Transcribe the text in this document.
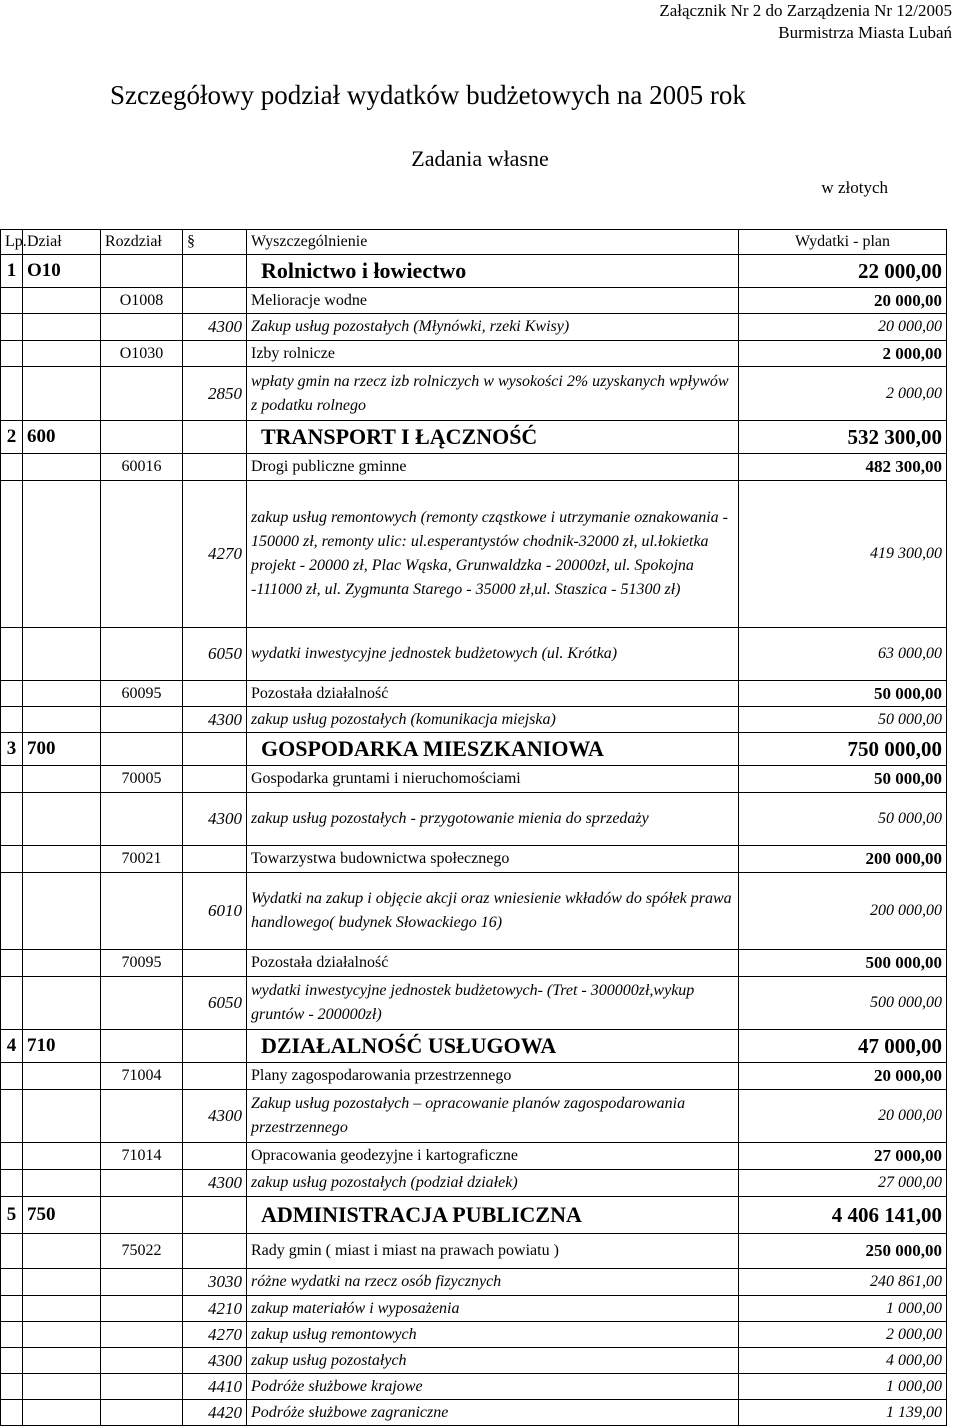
Załącznik Nr 2 do Zarządzenia Nr 12/2005
Burmistrza Miasta Lubań
Szczegółowy podział wydatków budżetowych na 2005 rok
Zadania własne
w złotych
Lp.	Dział	Rozdział	§	Wyszczególnienie	Wydatki - plan
1	O10			Rolnictwo i łowiectwo	22 000,00
		O1008		Melioracje wodne	20 000,00
			4300	Zakup usług pozostałych (Młynówki, rzeki Kwisy)	20 000,00
		O1030		Izby rolnicze	2 000,00
			2850	wpłaty gmin na rzecz izb rolniczych w wysokości 2% uzyskanych wpływów z podatku rolnego	2 000,00
2	600			TRANSPORT I ŁĄCZNOŚĆ	532 300,00
		60016		Drogi publiczne gminne	482 300,00
			4270	zakup usług remontowych (remonty cząstkowe i utrzymanie oznakowania - 150000 zł, remonty ulic: ul.esperantystów chodnik-32000 zł, ul.łokietka projekt - 20000 zł, Plac Wąska, Grunwaldzka - 20000zł, ul. Spokojna -111000 zł, ul. Zygmunta Starego - 35000 zł,ul. Staszica - 51300 zł)	419 300,00
			6050	wydatki inwestycyjne jednostek budżetowych (ul. Krótka)	63 000,00
		60095		Pozostała działalność	50 000,00
			4300	zakup usług pozostałych (komunikacja miejska)	50 000,00
3	700			GOSPODARKA MIESZKANIOWA	750 000,00
		70005		Gospodarka gruntami i nieruchomościami	50 000,00
			4300	zakup usług pozostałych - przygotowanie mienia do sprzedaży	50 000,00
		70021		Towarzystwa budownictwa społecznego	200 000,00
			6010	Wydatki na zakup i objęcie akcji oraz wniesienie wkładów do spółek prawa handlowego( budynek Słowackiego 16)	200 000,00
		70095		Pozostała działalność	500 000,00
			6050	wydatki inwestycyjne jednostek budżetowych- (Tret - 300000zł,wykup gruntów - 200000zł)	500 000,00
4	710			DZIAŁALNOŚĆ USŁUGOWA	47 000,00
		71004		Plany zagospodarowania przestrzennego	20 000,00
			4300	Zakup usług pozostałych – opracowanie planów zagospodarowania przestrzennego	20 000,00
		71014		Opracowania geodezyjne i kartograficzne	27 000,00
			4300	zakup usług pozostałych (podział działek)	27 000,00
5	750			ADMINISTRACJA PUBLICZNA	4 406 141,00
		75022		Rady gmin ( miast i miast na prawach powiatu )	250 000,00
			3030	różne wydatki na rzecz osób fizycznych	240 861,00
			4210	zakup materiałów i wyposażenia	1 000,00
			4270	zakup usług remontowych	2 000,00
			4300	zakup usług pozostałych	4 000,00
			4410	Podróże służbowe krajowe	1 000,00
			4420	Podróże służbowe zagraniczne	1 139,00
